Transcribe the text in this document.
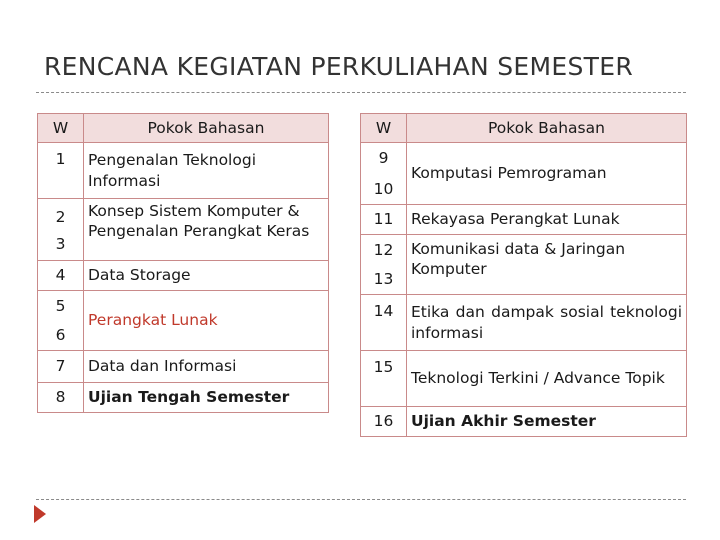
RENCANA KEGIATAN PERKULIAHAN SEMESTER
W	Pokok Bahasan
1	Pengenalan Teknologi Informasi

2
3	Konsep Sistem Komputer & Pengenalan Perangkat Keras
4	Data Storage

5
6	Perangkat Lunak
7	Data dan Informasi
8	Ujian Tengah Semester
W	Pokok Bahasan

9
10	Komputasi Pemrograman
11	Rekayasa Perangkat Lunak

12
13	Komunikasi data & Jaringan Komputer
14	Etika dan dampak sosial teknologi informasi
15	Teknologi Terkini / Advance Topik
16	Ujian Akhir Semester
